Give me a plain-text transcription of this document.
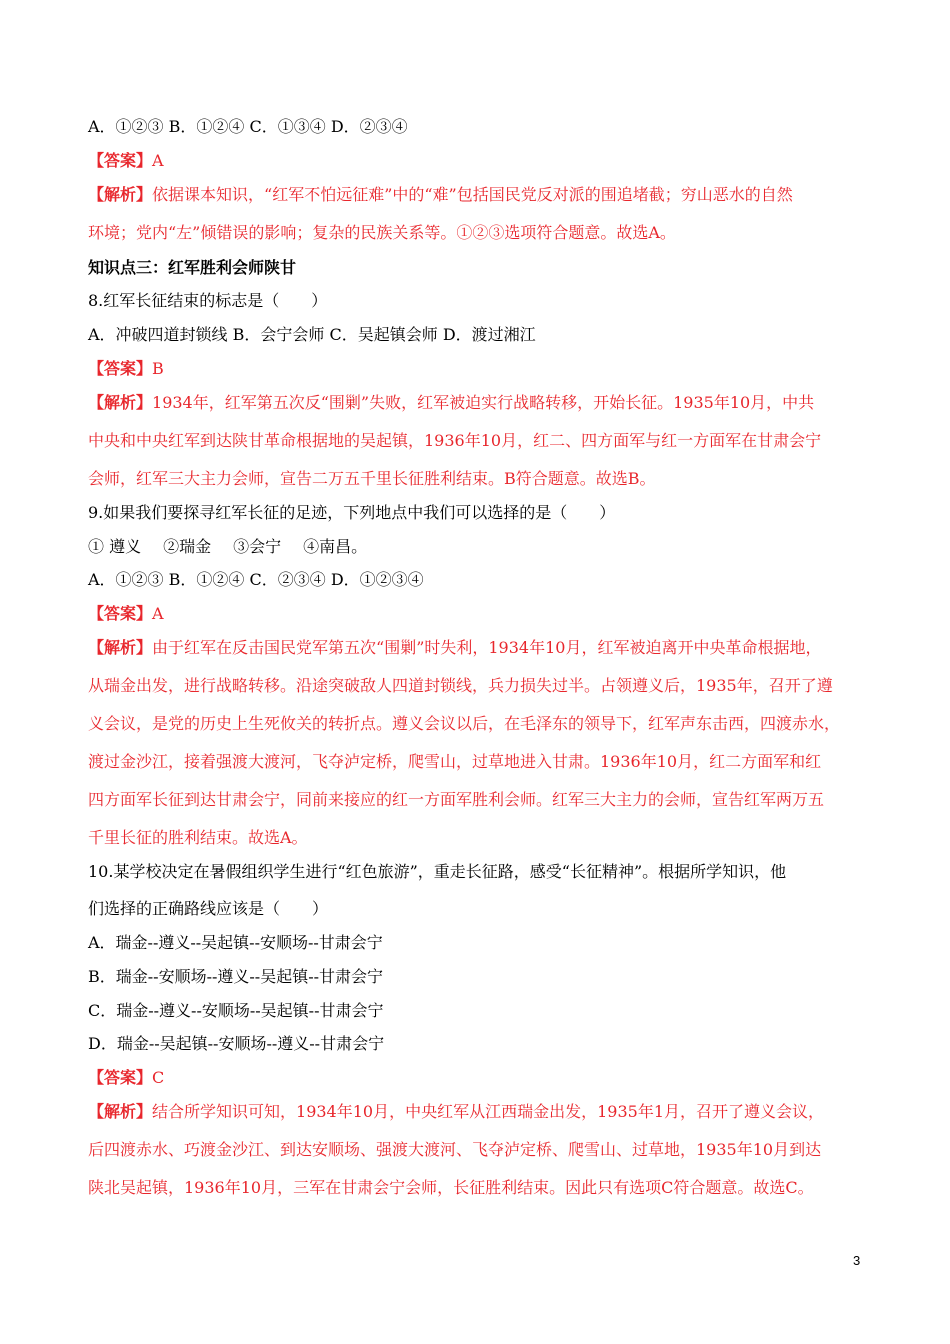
A．①②③ B．①②④ C．①③④ D．②③④
【答案】A
【解析】依据课本知识，“红军不怕远征难”中的“难”包括国民党反对派的围追堵截；穷山恶水的自然
环境；党内“左”倾错误的影响；复杂的民族关系等。①②③选项符合题意。故选A。
知识点三：红军胜利会师陕甘
8.红军长征结束的标志是（　　）
A．冲破四道封锁线 B．会宁会师 C．吴起镇会师 D．渡过湘江
【答案】B
【解析】1934年，红军第五次反“围剿”失败，红军被迫实行战略转移，开始长征。1935年10月，中共
中央和中央红军到达陕甘革命根据地的吴起镇，1936年10月，红二、四方面军与红一方面军在甘肃会宁
会师，红军三大主力会师，宣告二万五千里长征胜利结束。B符合题意。故选B。
9.如果我们要探寻红军长征的足迹，下列地点中我们可以选择的是（　　）
① 遵义 ②瑞金 ③会宁 ④南昌。
A．①②③ B．①②④ C．②③④ D．①②③④
【答案】A
【解析】由于红军在反击国民党军第五次“围剿”时失利，1934年10月，红军被迫离开中央革命根据地，
从瑞金出发，进行战略转移。沿途突破敌人四道封锁线，兵力损失过半。占领遵义后，1935年，召开了遵
义会议，是党的历史上生死攸关的转折点。遵义会议以后，在毛泽东的领导下，红军声东击西，四渡赤水，
渡过金沙江，接着强渡大渡河，飞夺泸定桥，爬雪山，过草地进入甘肃。1936年10月，红二方面军和红
四方面军长征到达甘肃会宁，同前来接应的红一方面军胜利会师。红军三大主力的会师，宣告红军两万五
千里长征的胜利结束。故选A。
10.某学校决定在暑假组织学生进行“红色旅游”，重走长征路，感受“长征精神”。根据所学知识，他
们选择的正确路线应该是（　　）
A．瑞金--遵义--吴起镇--安顺场--甘肃会宁
B．瑞金--安顺场--遵义--吴起镇--甘肃会宁
C．瑞金--遵义--安顺场--吴起镇--甘肃会宁
D．瑞金--吴起镇--安顺场--遵义--甘肃会宁
【答案】C
【解析】结合所学知识可知，1934年10月，中央红军从江西瑞金出发，1935年1月，召开了遵义会议，
后四渡赤水、巧渡金沙江、到达安顺场、强渡大渡河、飞夺泸定桥、爬雪山、过草地，1935年10月到达
陕北吴起镇，1936年10月，三军在甘肃会宁会师，长征胜利结束。因此只有选项C符合题意。故选C。
3
